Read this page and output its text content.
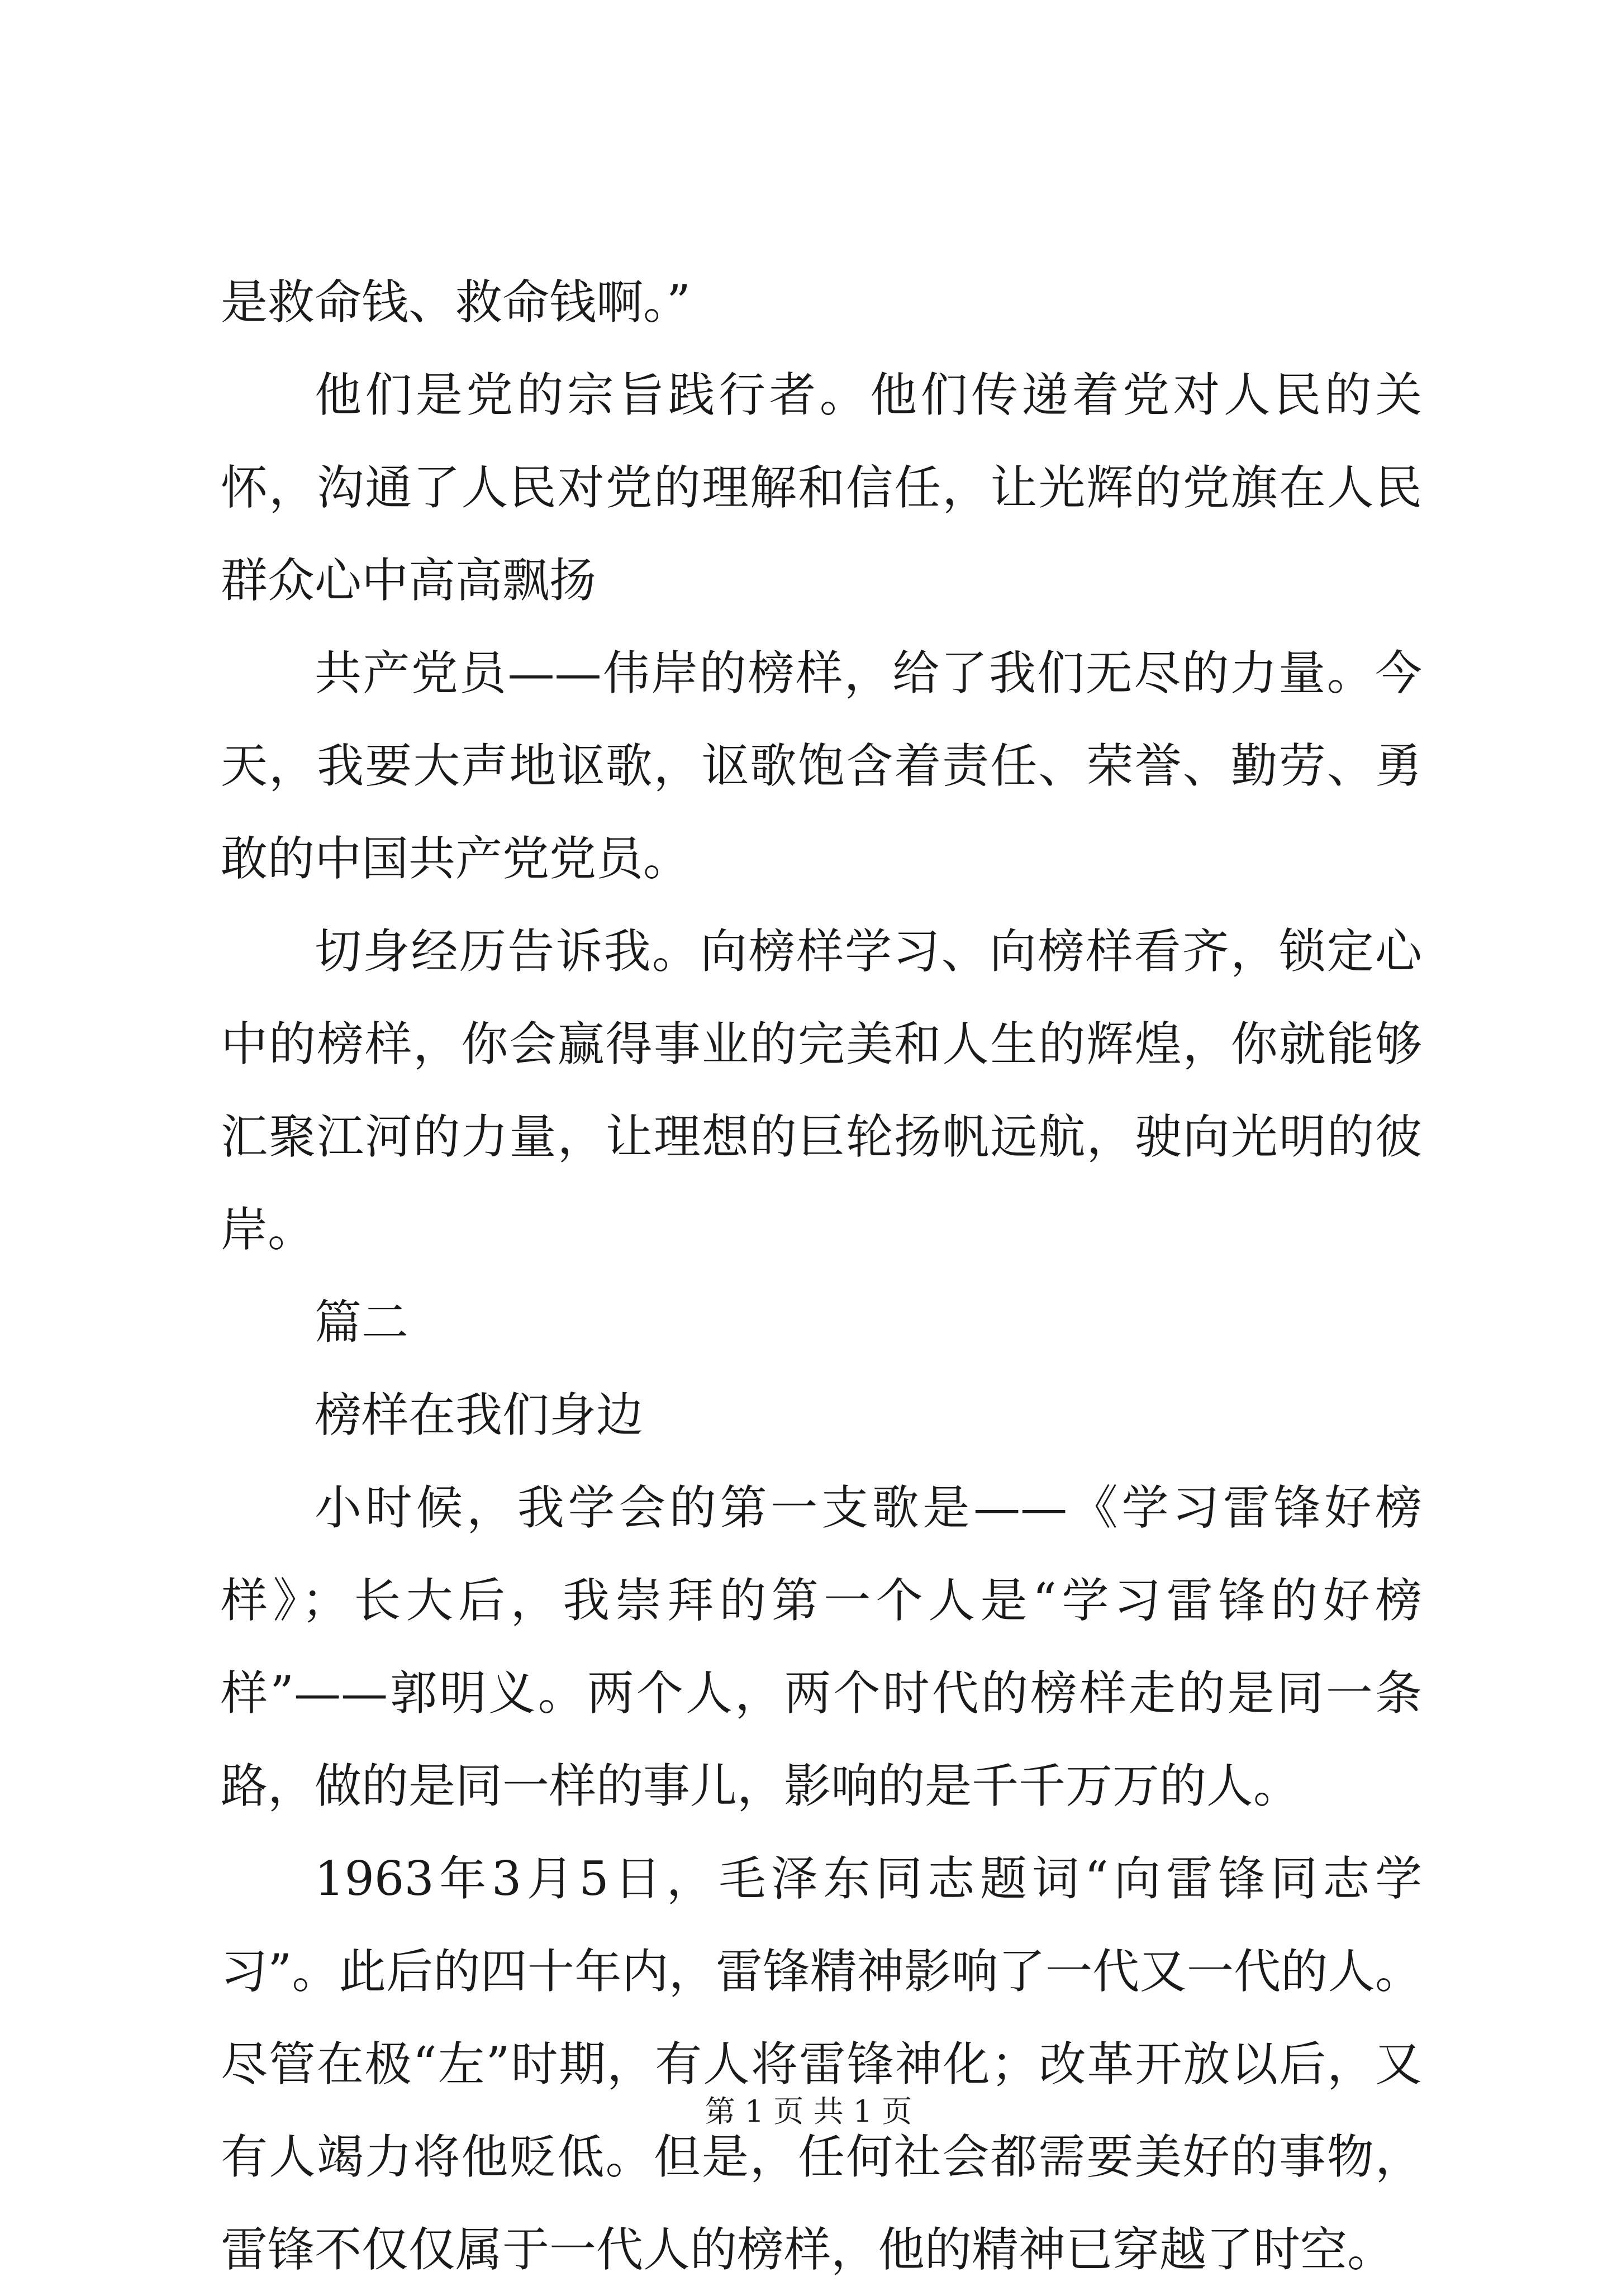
是救命钱、救命钱啊。”

他们是党的宗旨践行者。他们传递着党对人民的关怀，沟通了人民对党的理解和信任，让光辉的党旗在人民群众心中高高飘扬

共产党员——伟岸的榜样，给了我们无尽的力量。今天，我要大声地讴歌，讴歌饱含着责任、荣誉、勤劳、勇敢的中国共产党党员。

切身经历告诉我。向榜样学习、向榜样看齐，锁定心中的榜样，你会赢得事业的完美和人生的辉煌，你就能够汇聚江河的力量，让理想的巨轮扬帆远航，驶向光明的彼岸。

篇二

榜样在我们身边

小时候，我学会的第一支歌是——《学习雷锋好榜样》；长大后，我崇拜的第一个人是“学习雷锋的好榜样”——郭明义。两个人，两个时代的榜样走的是同一条路，做的是同一样的事儿，影响的是千千万万的人。

1963年3月5日，毛泽东同志题词“向雷锋同志学习”。此后的四十年内，雷锋精神影响了一代又一代的人。尽管在极“左”时期，有人将雷锋神化；改革开放以后，又有人竭力将他贬低。但是，任何社会都需要美好的事物，雷锋不仅仅属于一代人的榜样，他的精神已穿越了时空。

第 1 页 共 1 页
